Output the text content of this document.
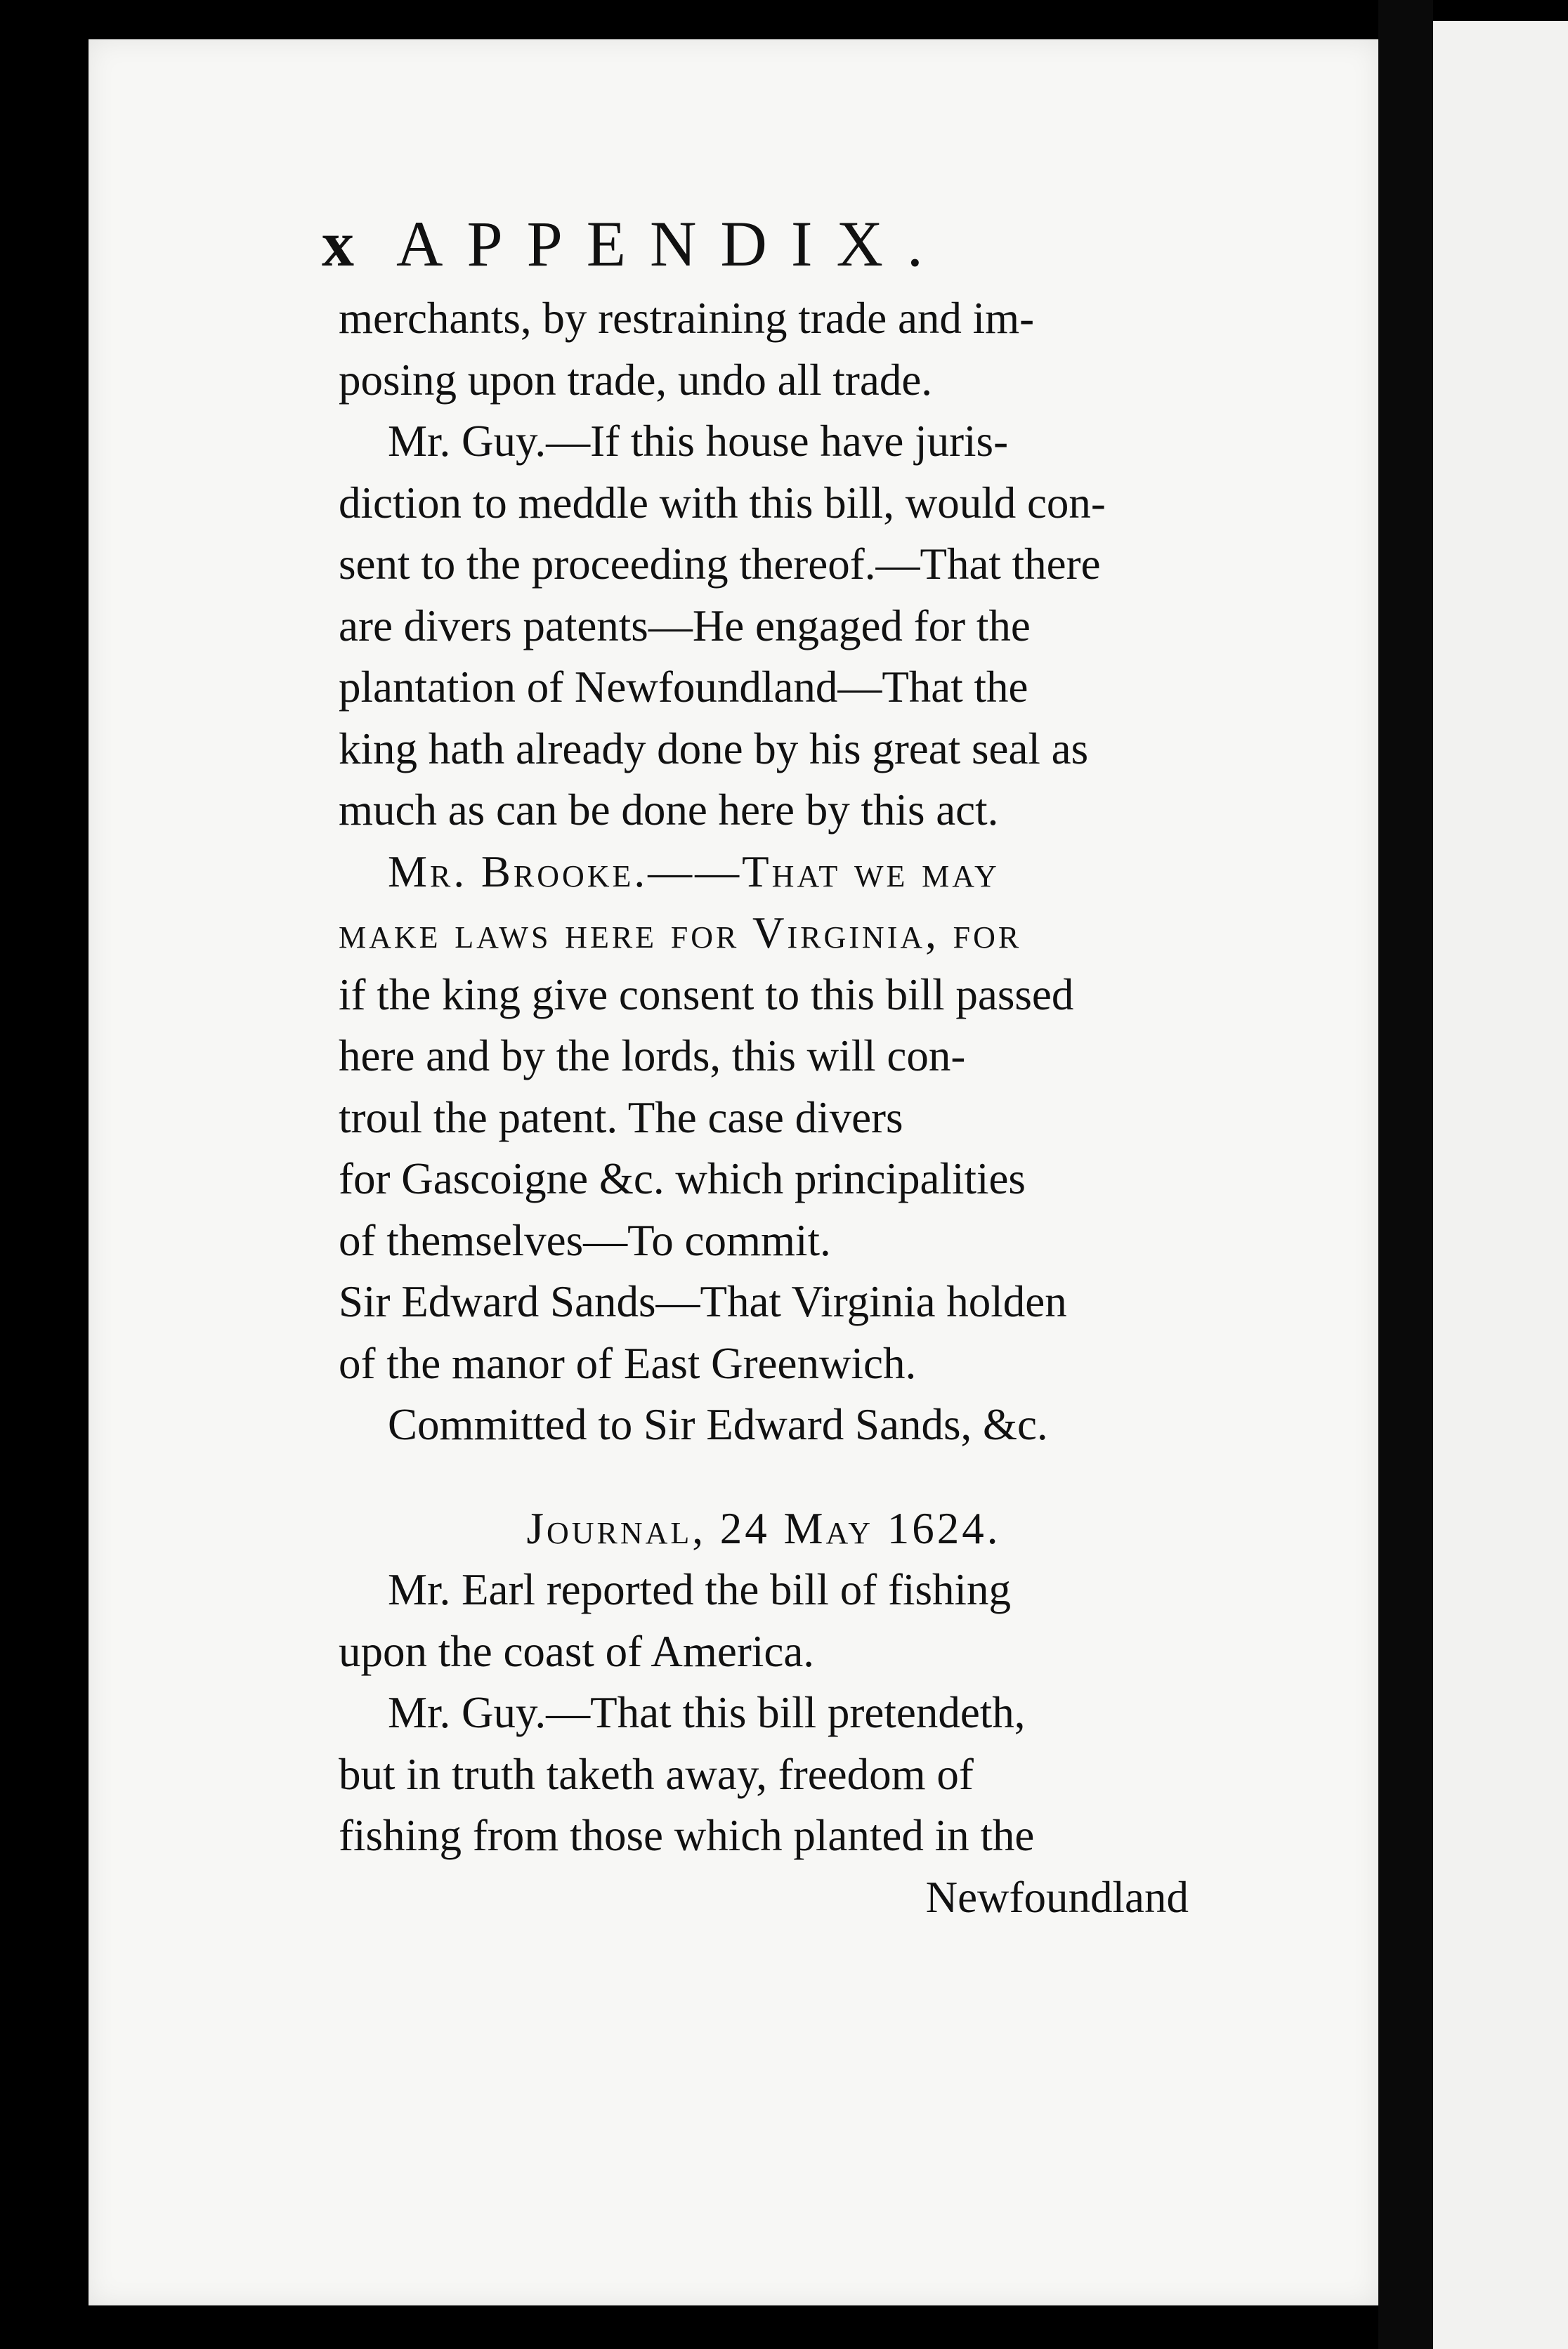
x APPENDIX.
merchants, by restraining trade and im-
posing upon trade, undo all trade.
Mr. Guy.—If this house have juris-
diction to meddle with this bill, would con-
sent to the proceeding thereof.—That there
are divers patents—He engaged for the
plantation of Newfoundland—That the
king hath already done by his great seal as
much as can be done here by this act.
Mr. Brooke.——That we may
make laws here for Virginia, for
if the king give consent to this bill passed
here and by the lords, this will con-
troul the patent. The case divers
for Gascoigne &c. which principalities
of themselves—To commit.
Sir Edward Sands—That Virginia holden
of the manor of East Greenwich.
Committed to Sir Edward Sands, &c.
Journal, 24 May 1624.
Mr. Earl reported the bill of fishing
upon the coast of America.
Mr. Guy.—That this bill pretendeth,
but in truth taketh away, freedom of
fishing from those which planted in the
Newfoundland
